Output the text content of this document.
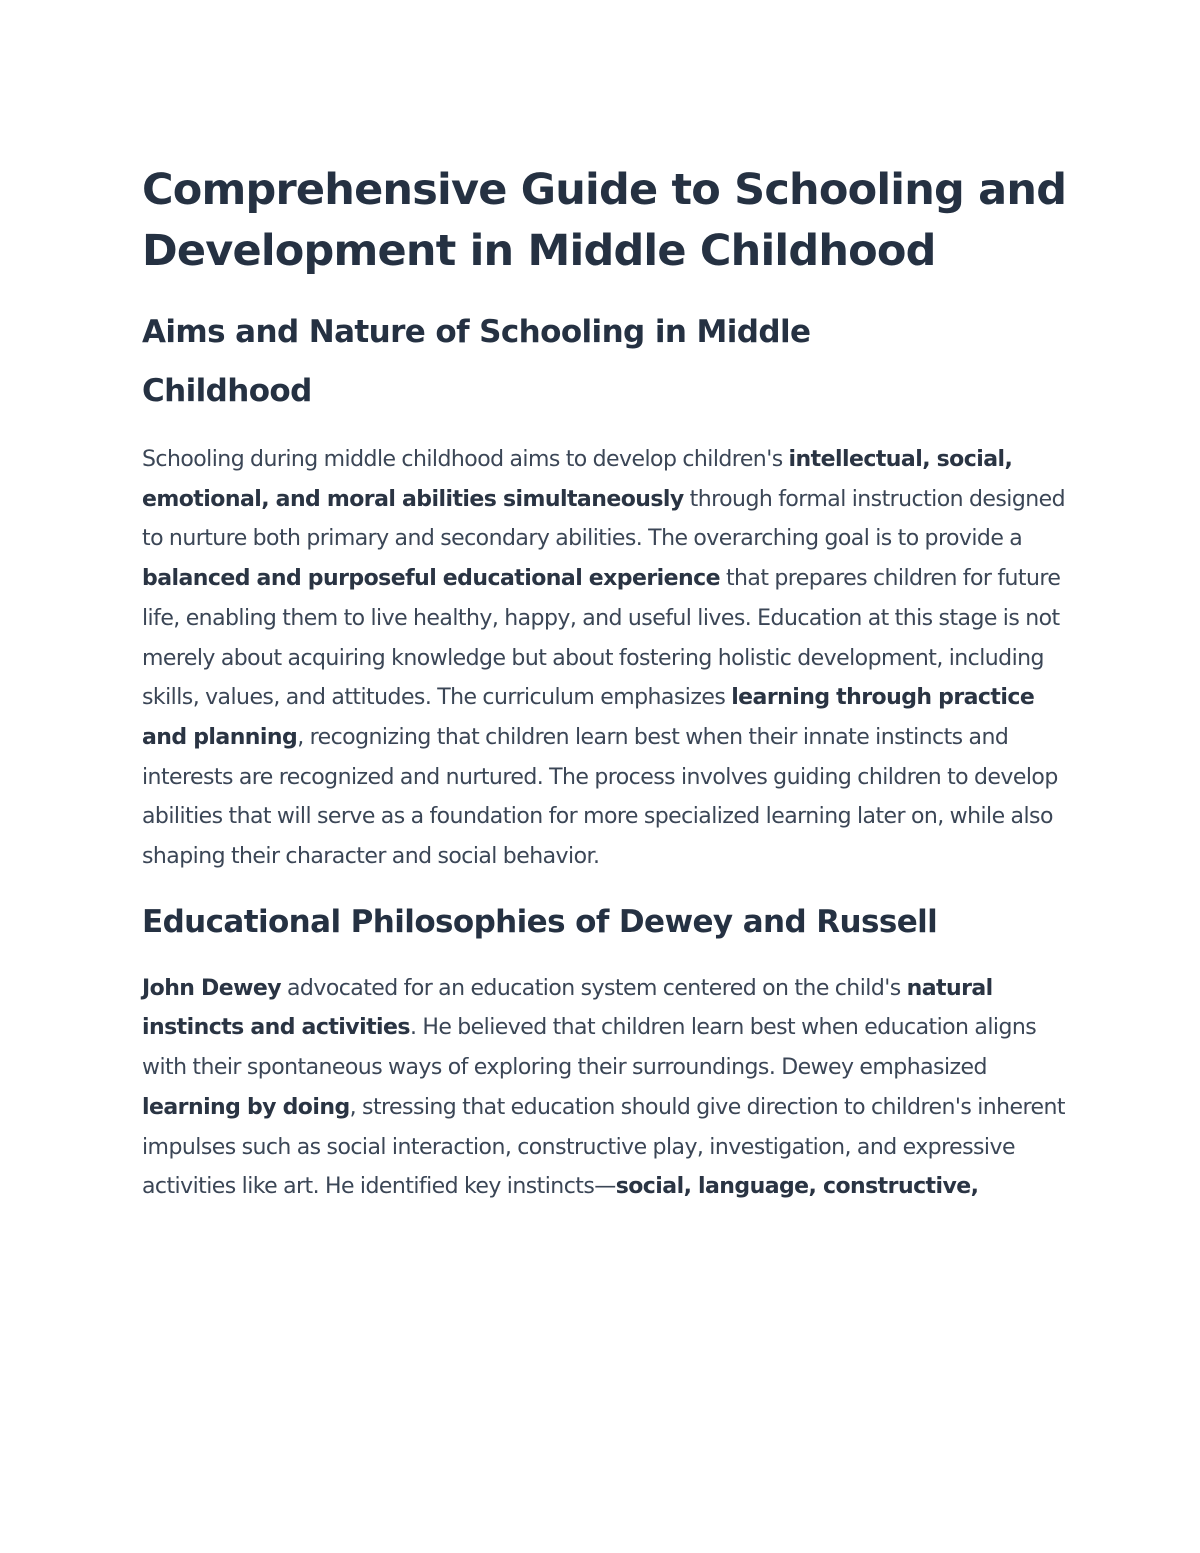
Comprehensive Guide to Schooling and Development in Middle Childhood
Aims and Nature of Schooling in Middle Childhood

Schooling during middle childhood aims to develop children's intellectual, social, emotional, and moral abilities simultaneously through formal instruction designed to nurture both primary and secondary abilities. The overarching goal is to provide a balanced and purposeful educational experience that prepares children for future life, enabling them to live healthy, happy, and useful lives. Education at this stage is not merely about acquiring knowledge but about fostering holistic development, including skills, values, and attitudes. The curriculum emphasizes learning through practice and planning, recognizing that children learn best when their innate instincts and interests are recognized and nurtured. The process involves guiding children to develop abilities that will serve as a foundation for more specialized learning later on, while also shaping their character and social behavior.

Educational Philosophies of Dewey and Russell

John Dewey advocated for an education system centered on the child's natural instincts and activities. He believed that children learn best when education aligns with their spontaneous ways of exploring their surroundings. Dewey emphasized learning by doing, stressing that education should give direction to children's inherent impulses such as social interaction, constructive play, investigation, and expressive activities like art. He identified key instincts—social, language, constructive,
